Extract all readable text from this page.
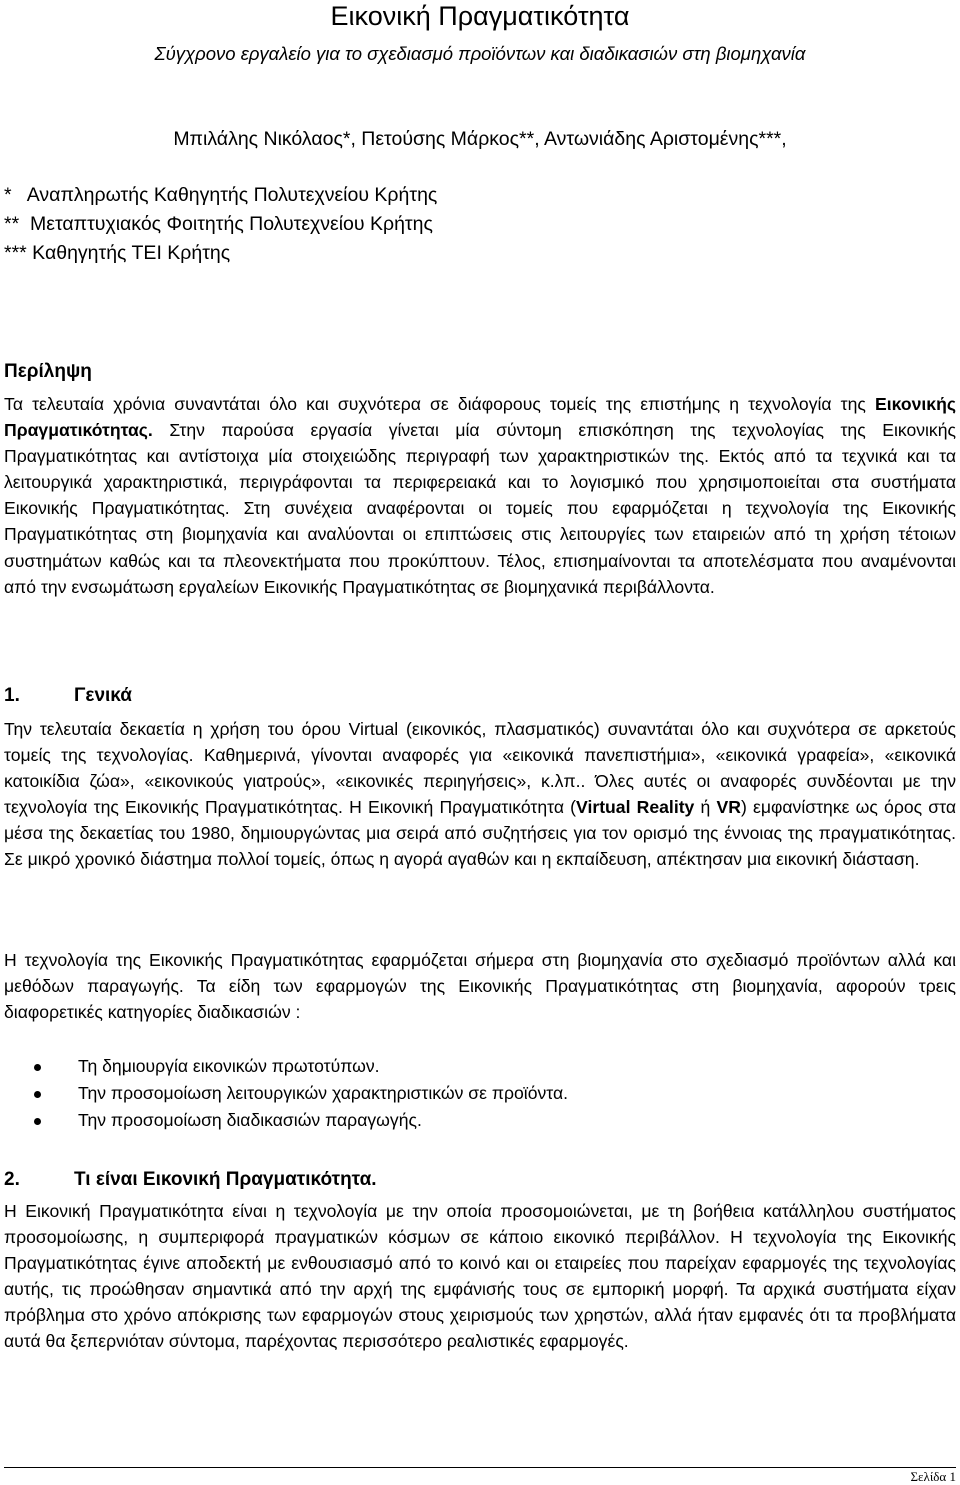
Εικονική Πραγματικότητα

Σύγχρονο εργαλείο για το σχεδιασμό προϊόντων και διαδικασιών στη βιομηχανία

Μπιλάλης Νικόλαος*, Πετούσης Μάρκος**, Αντωνιάδης Αριστομένης***,

*   Αναπληρωτής Καθηγητής Πολυτεχνείου Κρήτης

**  Μεταπτυχιακός Φοιτητής Πολυτεχνείου Κρήτης

*** Καθηγητής ΤΕΙ Κρήτης

Περίληψη

Τα τελευταία χρόνια συναντάται όλο και συχνότερα σε διάφορους τομείς της επιστήμης η τεχνολογία της Εικονικής Πραγματικότητας. Στην παρούσα εργασία γίνεται μία σύντομη επισκόπηση της τεχνολογίας της Εικονικής Πραγματικότητας και αντίστοιχα μία στοιχειώδης περιγραφή των χαρακτηριστικών της. Εκτός από τα τεχνικά και τα λειτουργικά χαρακτηριστικά, περιγράφονται τα περιφερειακά και το λογισμικό που χρησιμοποιείται στα συστήματα Εικονικής Πραγματικότητας. Στη συνέχεια αναφέρονται οι τομείς που εφαρμόζεται η τεχνολογία της Εικονικής Πραγματικότητας στη βιομηχανία και αναλύονται οι επιπτώσεις στις λειτουργίες των εταιρειών από τη χρήση τέτοιων συστημάτων καθώς και τα πλεονεκτήματα που προκύπτουν. Τέλος, επισημαίνονται τα αποτελέσματα που αναμένονται από την ενσωμάτωση εργαλείων Εικονικής Πραγματικότητας σε βιομηχανικά περιβάλλοντα.

1.	Γενικά

Την τελευταία δεκαετία η χρήση του όρου Virtual (εικονικός, πλασματικός) συναντάται όλο και συχνότερα σε αρκετούς τομείς της τεχνολογίας. Καθημερινά, γίνονται αναφορές για «εικονικά πανεπιστήμια», «εικονικά γραφεία», «εικονικά κατοικίδια ζώα», «εικονικούς γιατρούς», «εικονικές περιηγήσεις», κ.λπ.. Όλες αυτές οι αναφορές συνδέονται με την τεχνολογία της Εικονικής Πραγματικότητας. Η Εικονική Πραγματικότητα (Virtual Reality ή VR) εμφανίστηκε ως όρος στα μέσα της δεκαετίας του 1980, δημιουργώντας μια σειρά από συζητήσεις για τον ορισμό της έννοιας της πραγματικότητας. Σε μικρό χρονικό διάστημα πολλοί τομείς, όπως η αγορά αγαθών και η εκπαίδευση, απέκτησαν μια εικονική διάσταση.

Η τεχνολογία της Εικονικής Πραγματικότητας εφαρμόζεται σήμερα στη βιομηχανία στο σχεδιασμό προϊόντων αλλά και μεθόδων παραγωγής. Τα είδη των εφαρμογών της Εικονικής Πραγματικότητας στη βιομηχανία, αφορούν τρεις διαφορετικές κατηγορίες διαδικασιών :

Τη δημιουργία εικονικών πρωτοτύπων.
Την προσομοίωση λειτουργικών χαρακτηριστικών σε προϊόντα.
Την προσομοίωση διαδικασιών παραγωγής.
2.	Τι είναι Εικονική Πραγματικότητα.

Η Εικονική Πραγματικότητα είναι η τεχνολογία με την οποία προσομοιώνεται, με τη βοήθεια κατάλληλου συστήματος προσομοίωσης, η συμπεριφορά πραγματικών κόσμων σε κάποιο εικονικό περιβάλλον. Η τεχνολογία της Εικονικής Πραγματικότητας έγινε αποδεκτή με ενθουσιασμό από το κοινό και οι εταιρείες που παρείχαν εφαρμογές της τεχνολογίας αυτής, τις προώθησαν σημαντικά από την αρχή της εμφάνισής τους σε εμπορική μορφή. Τα αρχικά συστήματα είχαν πρόβλημα στο χρόνο απόκρισης των εφαρμογών στους χειρισμούς των χρηστών, αλλά ήταν εμφανές ότι τα προβλήματα αυτά θα ξεπερνιόταν σύντομα, παρέχοντας περισσότερο ρεαλιστικές εφαρμογές.

Σελίδα 1
